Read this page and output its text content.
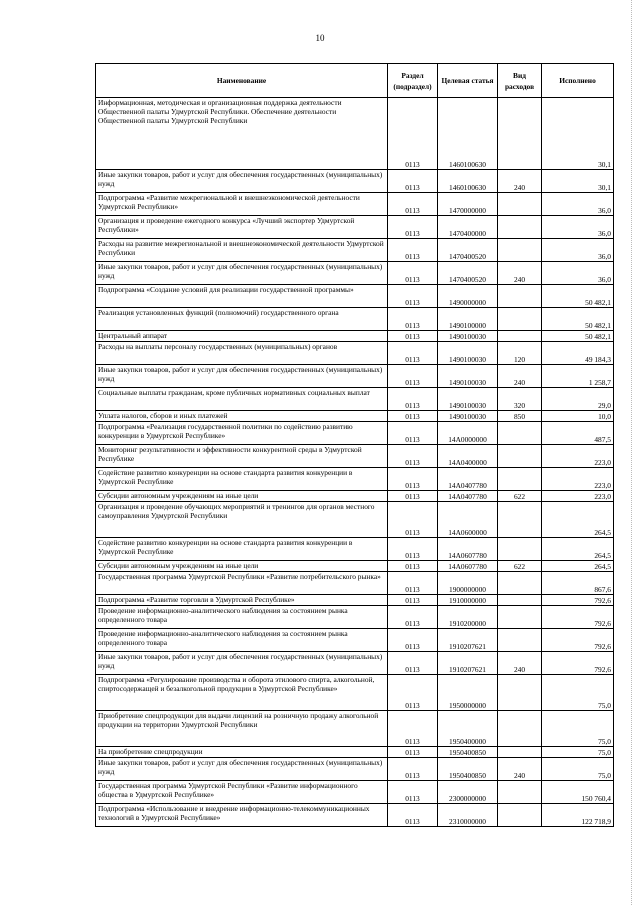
10
Наименование	Раздел (подраздел)	Целевая статья	Вид расходов	Исполнено
Информационная, методическая и организационная поддержка деятельности Общественной палаты Удмуртской Республики. Обеспечение деятельности Общественной палаты Удмуртской Республики	0113	1460100630		30,1
Иные закупки товаров, работ и услуг для обеспечения государственных (муниципальных) нужд	0113	1460100630	240	30,1
Подпрограмма «Развитие межрегиональной и внешнеэкономической деятельности Удмуртской Республики»	0113	1470000000		36,0
Организация и проведение ежегодного конкурса «Лучший экспортер Удмуртской Республики»	0113	1470400000		36,0
Расходы на развитие межрегиональной и внешнеэкономической деятельности Удмуртской Республики	0113	1470400520		36,0
Иные закупки товаров, работ и услуг для обеспечения государственных (муниципальных) нужд	0113	1470400520	240	36,0
Подпрограмма «Создание условий для реализации государственной программы»	0113	1490000000		50 482,1
Реализация установленных функций (полномочий) государственного органа	0113	1490100000		50 482,1
Центральный аппарат	0113	1490100030		50 482,1
Расходы на выплаты персоналу государственных (муниципальных) органов	0113	1490100030	120	49 184,3
Иные закупки товаров, работ и услуг для обеспечения государственных (муниципальных) нужд	0113	1490100030	240	1 258,7
Социальные выплаты гражданам, кроме публичных нормативных социальных выплат	0113	1490100030	320	29,0
Уплата налогов, сборов и иных платежей	0113	1490100030	850	10,0
Подпрограмма «Реализация государственной политики по содействию развитию конкуренции в Удмуртской Республике»	0113	14А0000000		487,5
Мониторинг результативности и эффективности конкурентной среды в Удмуртской Республике	0113	14А0400000		223,0
Содействие развитию конкуренции на основе стандарта развития конкуренции в Удмуртской Республике	0113	14А0407780		223,0
Субсидии автономным учреждениям на иные цели	0113	14А0407780	622	223,0
Организация и проведение обучающих мероприятий и тренингов для органов местного самоуправления Удмуртской Республики	0113	14А0600000		264,5
Содействие развитию конкуренции на основе стандарта развития конкуренции в Удмуртской Республике	0113	14А0607780		264,5
Субсидии автономным учреждениям на иные цели	0113	14А0607780	622	264,5
Государственная программа Удмуртской Республики «Развитие потребительского рынка»	0113	1900000000		867,6
Подпрограмма «Развитие торговли в Удмуртской Республике»	0113	1910000000		792,6
Проведение информационно-аналитического наблюдения за состоянием рынка определенного товара	0113	1910200000		792,6
Проведение информационно-аналитического наблюдения за состоянием рынка определенного товара	0113	1910207621		792,6
Иные закупки товаров, работ и услуг для обеспечения государственных (муниципальных) нужд	0113	1910207621	240	792,6
Подпрограмма «Регулирование производства и оборота этилового спирта, алкогольной, спиртосодержащей и безалкогольной продукции в Удмуртской Республике»	0113	1950000000		75,0
Приобретение спецпродукции для выдачи лицензий на розничную продажу алкогольной продукции на территории Удмуртской Республики	0113	1950400000		75,0
На приобретение спецпродукции	0113	1950400850		75,0
Иные закупки товаров, работ и услуг для обеспечения государственных (муниципальных) нужд	0113	1950400850	240	75,0
Государственная программа Удмуртской Республики «Развитие информационного общества в Удмуртской Республике»	0113	2300000000		150 760,4
Подпрограмма «Использование и внедрение информационно-телекоммуникационных технологий в Удмуртской Республике»	0113	2310000000		122 718,9
